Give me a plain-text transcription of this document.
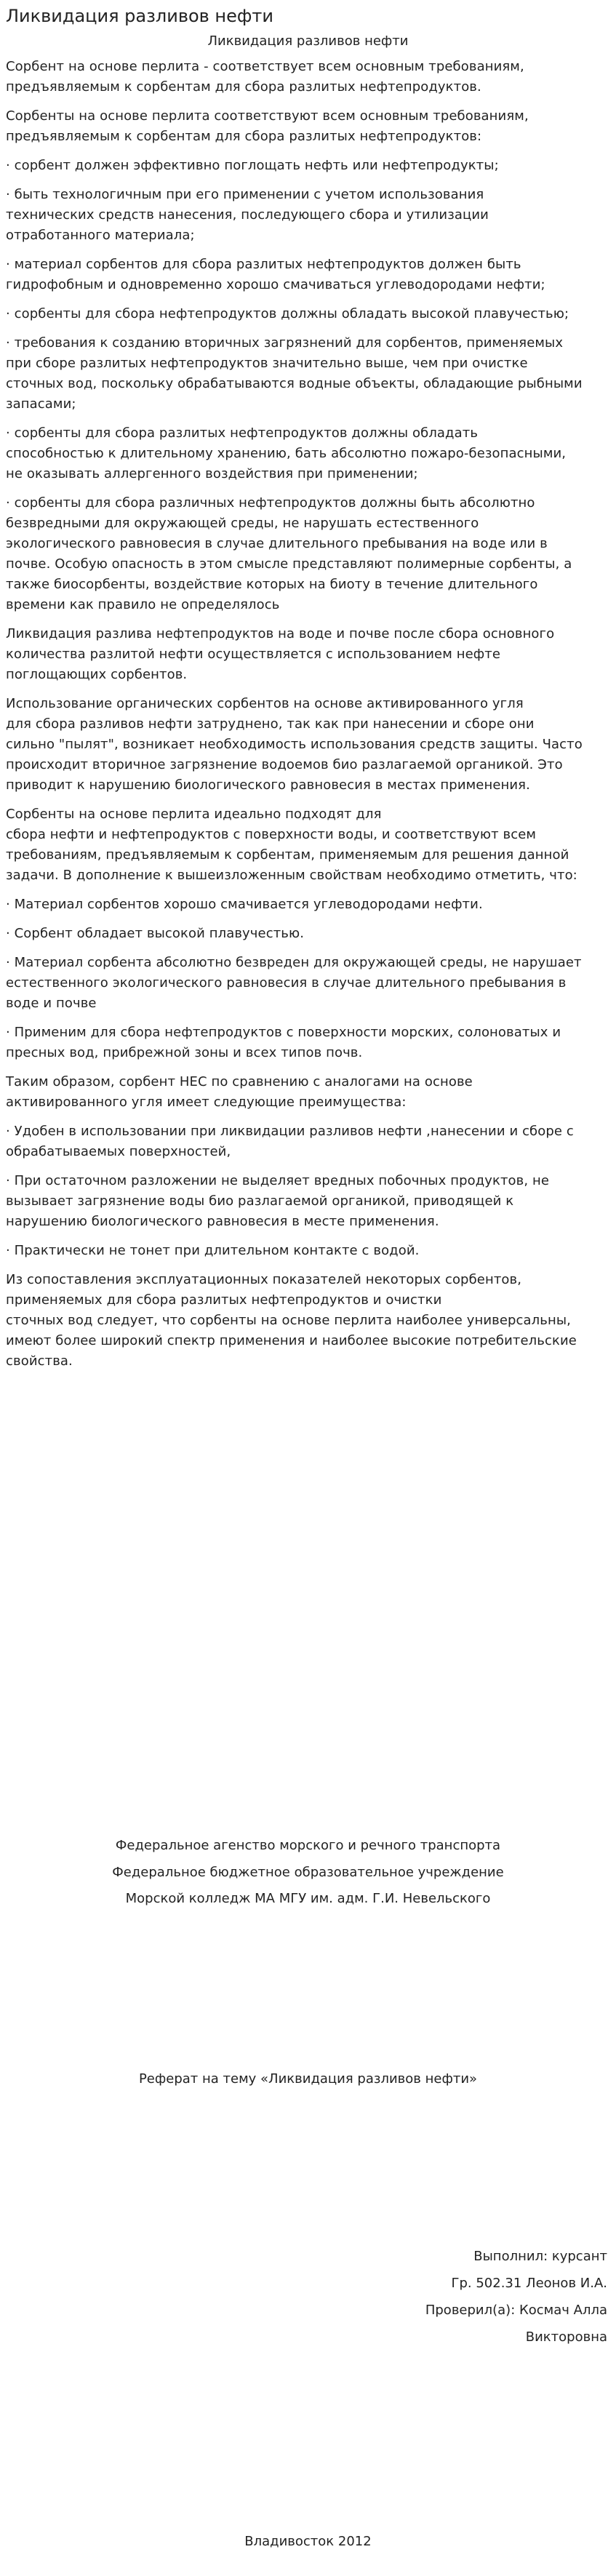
Ликвидация разливов нефти
Ликвидация разливов нефти

Сорбент на основе перлита - соответствует всем основным требованиям,
предъявляемым к сорбентам для сбора разлитых нефтепродуктов.

Сорбенты на основе перлита соответствуют всем основным требованиям,
предъявляемым к сорбентам для сбора разлитых нефтепродуктов:

· сорбент должен эффективно поглощать нефть или нефтепродукты;

· быть технологичным при его применении с учетом использования
технических средств нанесения, последующего сбора и утилизации
отработанного материала;

· материал сорбентов для сбора разлитых нефтепродуктов должен быть
гидрофобным и одновременно хорошо смачиваться углеводородами нефти;

· сорбенты для сбора нефтепродуктов должны обладать высокой плавучестью;

· требования к созданию вторичных загрязнений для сорбентов, применяемых
при сборе разлитых нефтепродуктов значительно выше, чем при очистке
сточных вод, поскольку обрабатываются водные объекты, обладающие рыбными
запасами;

· сорбенты для сбора разлитых нефтепродуктов должны обладать
способностью к длительному хранению, бать абсолютно пожаро-безопасными,
не оказывать аллергенного воздействия при применении;

· сорбенты для сбора различных нефтепродуктов должны быть абсолютно
безвредными для окружающей среды, не нарушать естественного
экологического равновесия в случае длительного пребывания на воде или в
почве. Особую опасность в этом смысле представляют полимерные сорбенты, а
также биосорбенты, воздействие которых на биоту в течение длительного
времени как правило не определялось

Ликвидация разлива нефтепродуктов на воде и почве после сбора основного
количества разлитой нефти осуществляется с использованием нефте
поглощающих сорбентов.

Использование органических сорбентов на основе активированного угля
для сбора разливов нефти затруднено, так как при нанесении и сборе они
сильно "пылят", возникает необходимость использования средств защиты. Часто
происходит вторичное загрязнение водоемов био разлагаемой органикой. Это
приводит к нарушению биологического равновесия в местах применения.

Сорбенты на основе перлита идеально подходят для
сбора нефти и нефтепродуктов с поверхности воды, и соответствуют всем
требованиям, предъявляемым к сорбентам, применяемым для решения данной
задачи. В дополнение к вышеизложенным свойствам необходимо отметить, что:

· Материал сорбентов хорошо смачивается углеводородами нефти.

· Сорбент обладает высокой плавучестью.

· Материал сорбента абсолютно безвреден для окружающей среды, не нарушает
естественного экологического равновесия в случае длительного пребывания в
воде и почве

· Применим для сбора нефтепродуктов с поверхности морских, солоноватых и
пресных вод, прибрежной зоны и всех типов почв.

Таким образом, сорбент НЕС по сравнению с аналогами на основе
активированного угля имеет следующие преимущества:

· Удобен в использовании при ликвидации разливов нефти ,нанесении и сборе с
обрабатываемых поверхностей,

· При остаточном разложении не выделяет вредных побочных продуктов, не
вызывает загрязнение воды био разлагаемой органикой, приводящей к
нарушению биологического равновесия в месте применения.

· Практически не тонет при длительном контакте с водой.

Из сопоставления эксплуатационных показателей некоторых сорбентов,
применяемых для сбора разлитых нефтепродуктов и очистки
сточных вод следует, что сорбенты на основе перлита наиболее универсальны,
имеют более широкий спектр применения и наиболее высокие потребительские
свойства.

Федеральное агенство морского и речного транспорта
Федеральное бюджетное образовательное учреждение
Морской колледж МА МГУ им. адм. Г.И. Невельского
Реферат на тему «Ликвидация разливов нефти»
Выполнил: курсант
Гр. 502.31 Леонов И.А.
Проверил(а): Космач Алла
Викторовна
Владивосток 2012
